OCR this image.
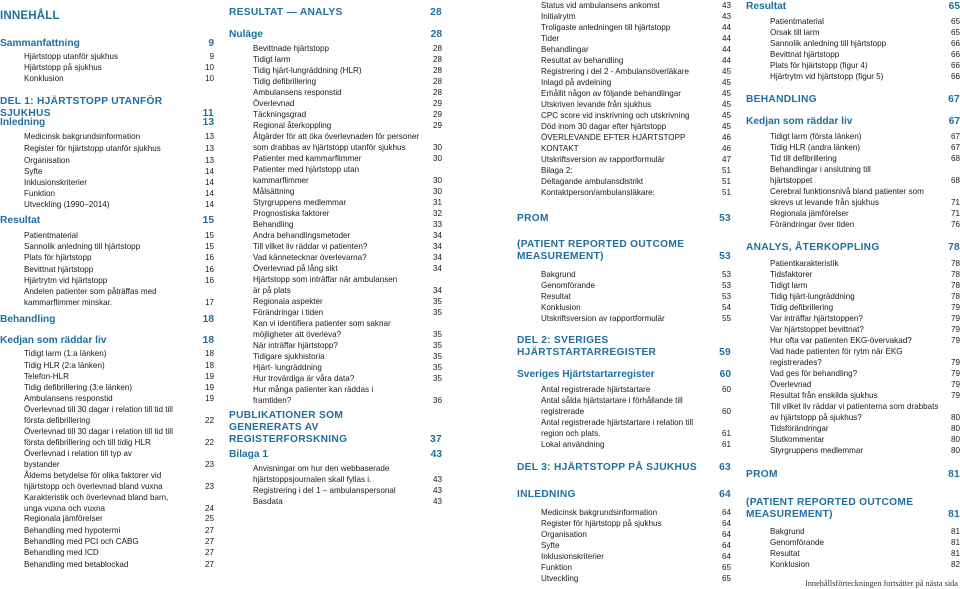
INNEHÅLL
Sammanfattning	9
Hjärtstopp utanför sjukhus	9
Hjärtstopp på sjukhus	10
Konklusion	10
DEL 1: HJÄRTSTOPP UTANFÖR SJUKHUS	11
Inledning	13
Medicinsk bakgrundsinformation	13
Register för hjärtstopp utanför sjukhus	13
Organisation	13
Syfte	14
Inklusionskriterier	14
Funktion	14
Utveckling (1990–2014)	14
Resultat	15
Patientmaterial	15
Sannolik anledning till hjärtstopp	15
Plats för hjärtstopp	16
Bevittnat hjärtstopp	16
Hjärtrytm vid hjärtstopp	16
Andelen patienter som påträffas med kammarflimmer minskar.	17
Behandling	18
Kedjan som räddar liv	18
Tidigt larm (1:a länken)	18
Tidig HLR (2:a länken)	18
Telefon-HLR	19
Tidig defibrillering (3:e länken)	19
Ambulansens responstid	19
Överlevnad till 30 dagar i relation till tid till första defibrillering	22
Överlevnad till 30 dagar i relation till tid till första defibrillering och till tidig HLR	22
Överlevnad i relation till typ av bystander	23
Ålderns betydelse för olika faktorer vid hjärtstopp och överlevnad bland vuxna	23
Karakteristik och överlevnad bland barn, unga vuxna och vuxna	24
Regionala jämförelser	25
Behandling med hypotermi	27
Behandling med PCI och CABG	27
Behandling med ICD	27
Behandling med betablockad	27
RESULTAT — ANALYS	28
Nuläge	28
Bevittnade hjärtstopp	28
Tidigt larm	28
Tidig hjärt-lungräddning (HLR)	28
Tidig defibrillering	28
Ambulansens responstid	28
Överlevnad	29
Täckningsgrad	29
Regional återkoppling	29
Åtgärder för att öka överlevnaden för personer som drabbas av hjärtstopp utanför sjukhus	30
Patienter med kammarflimmer	30
Patienter med hjärtstopp utan kammarflimmer	30
Målsättning	30
Styrgruppens medlemmar	31
Prognostiska faktorer	32
Behandling	33
Andra behandlingsmetoder	34
Till vilket liv räddar vi patienten?	34
Vad kännetecknar överlevarna?	34
Överlevnad på lång sikt	34
Hjärtstopp som inträffar när ambulansen är på plats	34
Regionala aspekter	35
Förändringar i tiden	35
Kan vi identifiera patienter som saknar möjligheter att överleva?	35
När inträffar hjärtstopp?	35
Tidigare sjukhistoria	35
Hjärt- lungräddning	35
Hur trovärdiga är våra data?	35
Hur många patienter kan räddas i framtiden?	36
PUBLIKATIONER SOM GENERERATS AV REGISTERFORSKNING	37
Bilaga 1	43
Anvisningar om hur den webbaserade hjärtstoppsjournalen skall fyllas i.	43
Registrering i del 1 – ambulanspersonal	43
Basdata	43
Status vid ambulansens ankomst	43
Initialrytm	43
Troligaste anledningen till hjärtstopp	44
Tider	44
Behandlingar	44
Resultat av behandling	44
Registrering i del 2 - Ambulansöverläkare	45
Inlagd på avdelning	45
Erhållit någon av följande behandlingar	45
Utskriven levande från sjukhus	45
CPC score vid inskrivning och utskrivning	45
Död inom 30 dagar efter hjärtstopp	45
ÖVERLEVANDE EFTER HJÄRTSTOPP	46
KONTAKT	46
Utskriftsversion av rapportformulär	47
Bilaga 2:	51
Deltagande ambulansdistrikt	51
Kontaktperson/ambulansläkare:	51
PROM	53
(PATIENT REPORTED OUTCOME MEASUREMENT)	53
Bakgrund	53
Genomförande	53
Resultat	53
Konklusion	54
Utskriftsversion av rapportformulär	55
DEL 2: SVERIGES HJÄRTSTARTARREGISTER	59
Sveriges Hjärtstartarregister	60
Antal registrerade hjärtstartare	60
Antal såldа hjärtstartare i förhållande till registrerade	60
Antal registrerade hjärtstartare i relation till region och plats.	61
Lokal användning	61
DEL 3: HJÄRTSTOPP PÅ SJUKHUS	63
INLEDNING	64
Medicinsk bakgrundsinformation	64
Register för hjärtstopp på sjukhus	64
Organisation	64
Syfte	64
Inklusionskriterier	64
Funktion	65
Utveckling	65
Resultat	65
Patientmaterial	65
Orsak till larm	65
Sannolik anledning till hjärtstopp	66
Bevittnat hjärtstopp	66
Plats för hjärtstopp (figur 4)	66
Hjärtrytm vid hjärtstopp (figur 5)	66
BEHANDLING	67
Kedjan som räddar liv	67
Tidigt larm (första länken)	67
Tidig HLR (andra länken)	67
Tid till defibrillering	68
Behandlingar i anslutning till hjärtstoppet	68
Cerebral funktionsnivå bland patienter som skrevs ut levande från sjukhus	71
Regionala jämförelser	71
Förändringar över tiden	76
ANALYS, ÅTERKOPPLING	78
Patientkarakteristik	78
Tidsfaktorer	78
Tidigt larm	78
Tidig hjärt-lungräddning	78
Tidig defibrillering	79
Var inträffar hjärtstoppen?	79
Var hjärtstoppet bevittnat?	79
Hur ofta var patienten EKG-övervakad?	79
Vad hade patienten för rytm när EKG registrerades?	79
Vad ges för behandling?	79
Överlevnad	79
Resultat från enskilda sjukhus	79
Till vilket liv räddar vi patienterna som drabbats av hjärtstopp på sjukhus?	80
Tidsförändringar	80
Slutkommentar	80
Styrgruppens medlemmar	80
PROM	81
(PATIENT REPORTED OUTCOME MEASUREMENT)	81
Bakgrund	81
Genomförande	81
Resultat	81
Konklusion	82
Innehållsförteckningen fortsätter på nästa sida
